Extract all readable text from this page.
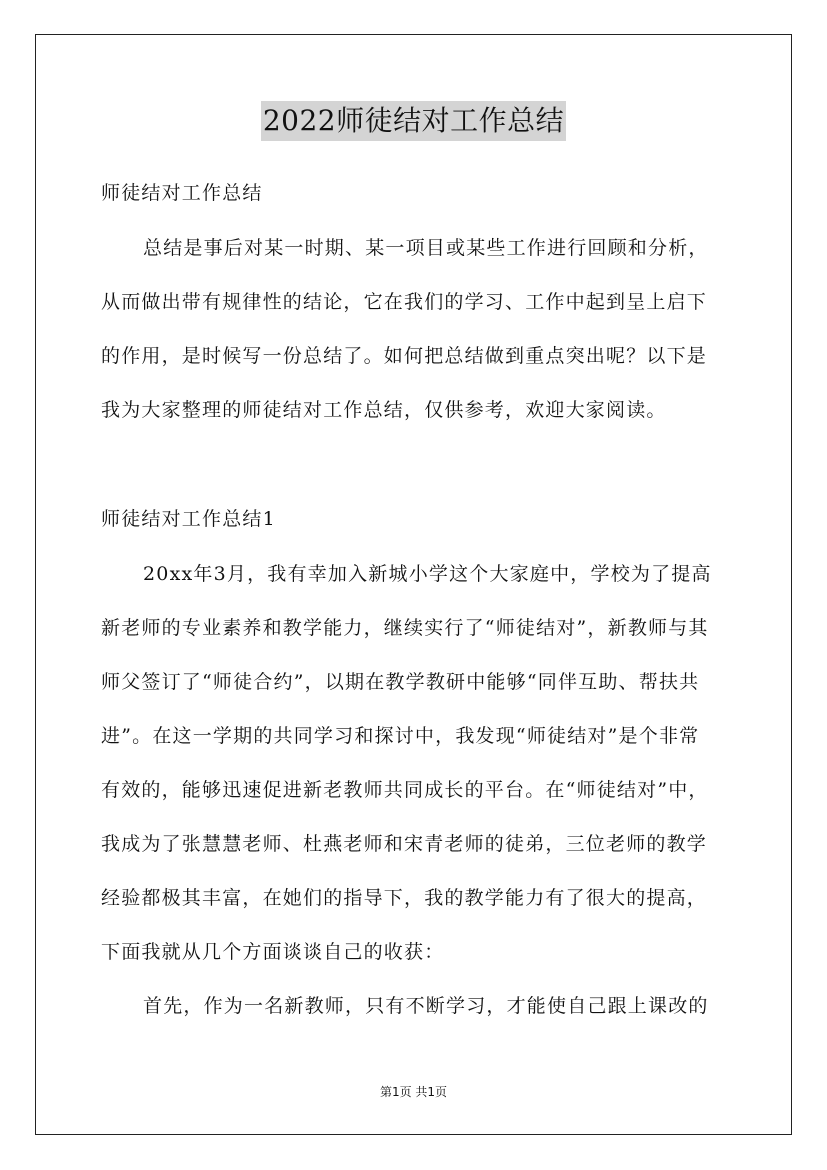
2022师徒结对工作总结
师徒结对工作总结
总结是事后对某一时期、某一项目或某些工作进行回顾和分析，
从而做出带有规律性的结论，它在我们的学习、工作中起到呈上启下
的作用，是时候写一份总结了。如何把总结做到重点突出呢？以下是
我为大家整理的师徒结对工作总结，仅供参考，欢迎大家阅读。
师徒结对工作总结1
20xx年3月，我有幸加入新城小学这个大家庭中，学校为了提高
新老师的专业素养和教学能力，继续实行了“师徒结对”，新教师与其
师父签订了“师徒合约”，以期在教学教研中能够“同伴互助、帮扶共
进”。在这一学期的共同学习和探讨中，我发现“师徒结对”是个非常
有效的，能够迅速促进新老教师共同成长的平台。在“师徒结对”中，
我成为了张慧慧老师、杜燕老师和宋青老师的徒弟，三位老师的教学
经验都极其丰富，在她们的指导下，我的教学能力有了很大的提高，
下面我就从几个方面谈谈自己的收获：
首先，作为一名新教师，只有不断学习，才能使自己跟上课改的
第1页 共1页
